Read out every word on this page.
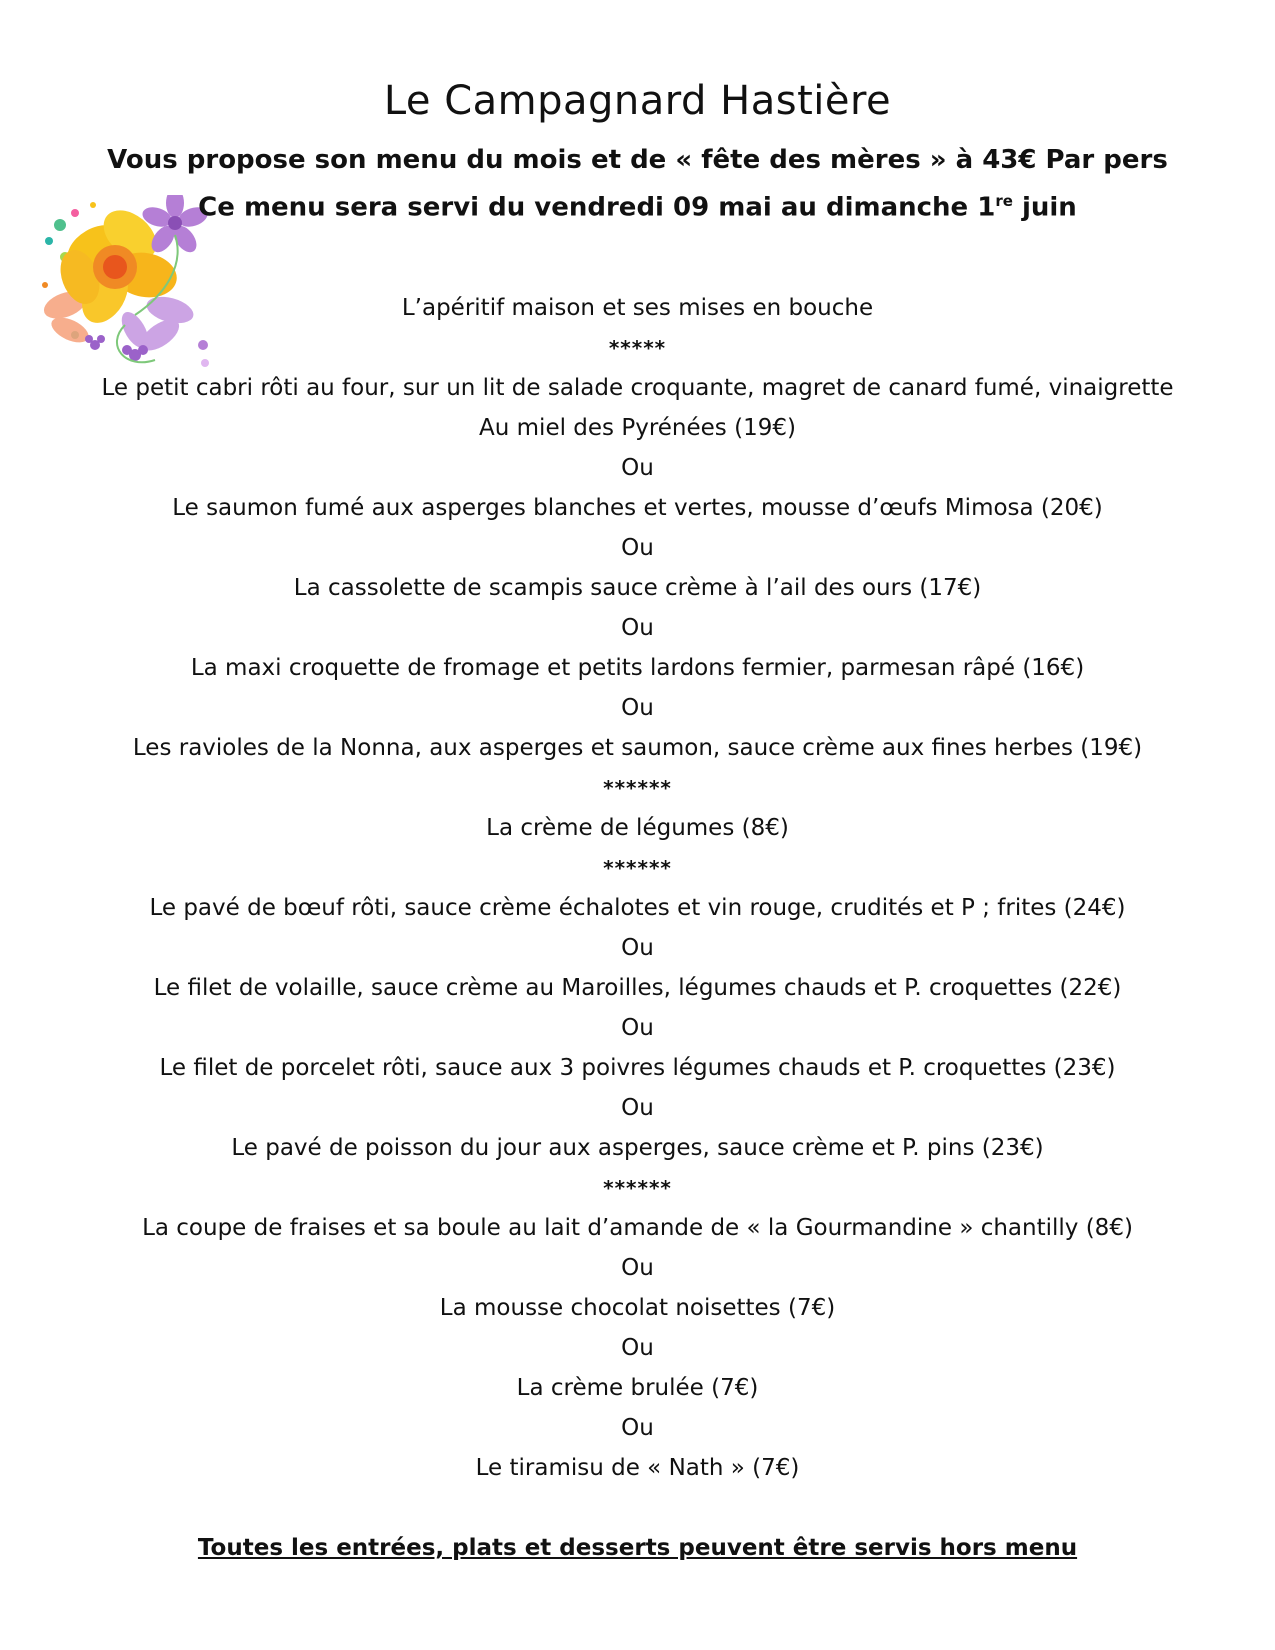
Le Campagnard Hastière
Vous propose son menu du mois et de « fête des mères » à 43€ Par pers
Ce menu sera servi du vendredi 09 mai au dimanche 1re juin
L’apéritif maison et ses mises en bouche
*****
Le petit cabri rôti au four, sur un lit de salade croquante, magret de canard fumé, vinaigrette
Au miel des Pyrénées (19€)
Ou
Le saumon fumé aux asperges blanches et vertes, mousse d’œufs Mimosa (20€)
Ou
La cassolette de scampis sauce crème à l’ail des ours (17€)
Ou
La maxi croquette de fromage et petits lardons fermier, parmesan râpé (16€)
Ou
Les ravioles de la Nonna, aux asperges et saumon, sauce crème aux fines herbes (19€)
******
La crème de légumes (8€)
******
Le pavé de bœuf rôti, sauce crème échalotes et vin rouge, crudités et P ; frites (24€)
Ou
Le filet de volaille, sauce crème au Maroilles, légumes chauds et P. croquettes (22€)
Ou
Le filet de porcelet rôti, sauce aux 3 poivres légumes chauds et P. croquettes (23€)
Ou
Le pavé de poisson du jour aux asperges, sauce crème et P. pins (23€)
******
La coupe de fraises et sa boule au lait d’amande de « la Gourmandine » chantilly (8€)
Ou
La mousse chocolat noisettes (7€)
Ou
La crème brulée (7€)
Ou
Le tiramisu de « Nath » (7€)
Toutes les entrées, plats et desserts peuvent être servis hors menu
